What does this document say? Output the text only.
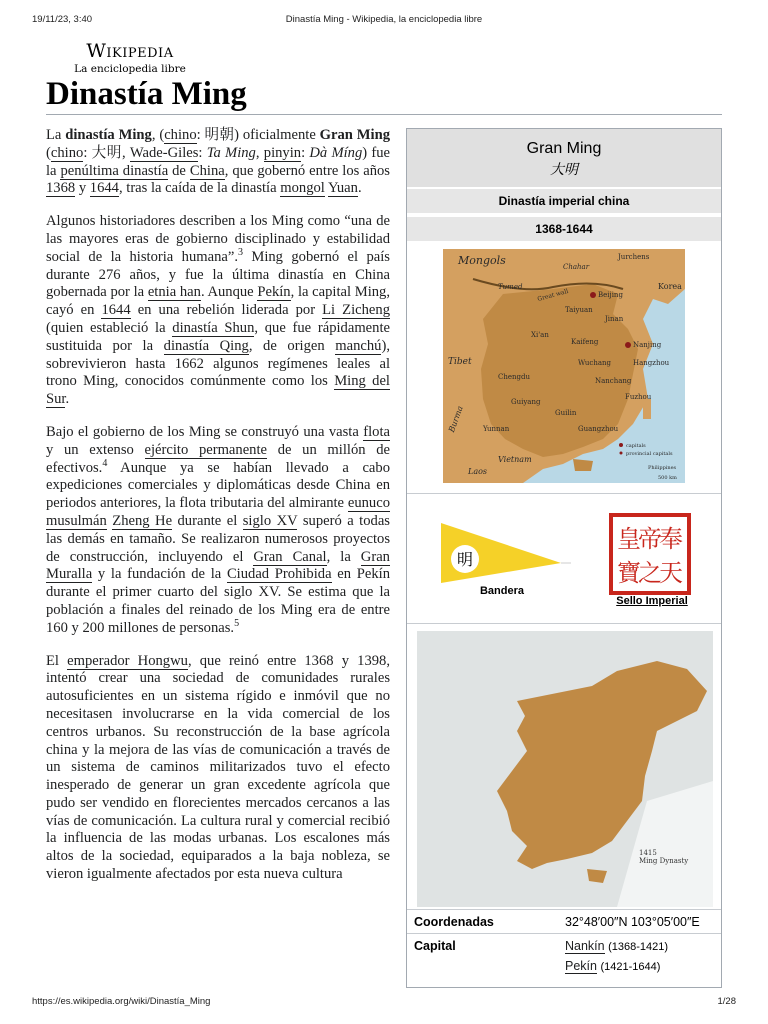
19/11/23, 3:40	Dinastía Ming - Wikipedia, la enciclopedia libre
Wikipedia
La enciclopedia libre
Dinastía Ming

La dinastía Ming, (chino: 明朝) oficialmente Gran Ming (chino: 大明, Wade-Giles: Ta Ming, pinyin: Dà Míng) fue la penúltima dinastía de China, que gobernó entre los años 1368 y 1644, tras la caída de la dinastía mongol Yuan.

Algunos historiadores describen a los Ming como “una de las mayores eras de gobierno disciplinado y estabilidad social de la historia humana”.$^3$ Ming gobernó el país durante 276 años, y fue la última dinastía en China gobernada por la etnia han. Aunque Pekín, la capital Ming, cayó en 1644 en una rebelión liderada por Li Zicheng (quien estableció la dinastía Shun, que fue rápidamente sustituida por la dinastía Qing, de origen manchú), sobrevivieron hasta 1662 algunos regímenes leales al trono Ming, conocidos comúnmente como los Ming del Sur.

Bajo el gobierno de los Ming se construyó una vasta flota y un extenso ejército permanente de un millón de efectivos.$^4$ Aunque ya se habían llevado a cabo expediciones comerciales y diplomáticas desde China en periodos anteriores, la flota tributaria del almirante eunuco musulmán Zheng He durante el siglo XV superó a todas las demás en tamaño. Se realizaron numerosos proyectos de construcción, incluyendo el Gran Canal, la Gran Muralla y la fundación de la Ciudad Prohibida en Pekín durante el primer cuarto del siglo XV. Se estima que la población a finales del reinado de los Ming era de entre 160 y 200 millones de personas.$^5$

El emperador Hongwu, que reinó entre 1368 y 1398, intentó crear una sociedad de comunidades rurales autosuficientes en un sistema rígido e inmóvil que no necesitasen involucrarse en la vida comercial de los centros urbanos. Su reconstrucción de la base agrícola china y la mejora de las vías de comunicación a través de un sistema de caminos militarizados tuvo el efecto inesperado de generar un gran excedente agrícola que pudo ser vendido en florecientes mercados cercanos a las vías de comunicación. La cultura rural y comercial recibió la influencia de las modas urbanas. Los escalones más altos de la sociedad, equiparados a la baja nobleza, se vieron igualmente afectados por esta nueva cultura

Gran Ming
大明
Dinastía imperial china
1368-1644
Mongols	Chahar
Jurchens
Tumed
Great wall	Beijing
Korea
Taiyuan
Jinan
Xi'an
Kaifeng	Nanjing
Tibet	Wuchang	Hangzhou
Chengdu	Nanchang
Fuzhou
Guiyang
Burma	Guilin
Yunnan	Guangzhou
Vietnam
Laos	Philippines
capitals
provincial capitals
500 km
明
Bandera
奉
天
帝
之
皇
寶
Sello Imperial
1415
Ming Dynasty
Coordenadas	32°48′00″N 103°05′00″E
Capital	Nankín (1368-1421)
Pekín (1421-1644)
https://es.wikipedia.org/wiki/Dinastía_Ming	1/28
